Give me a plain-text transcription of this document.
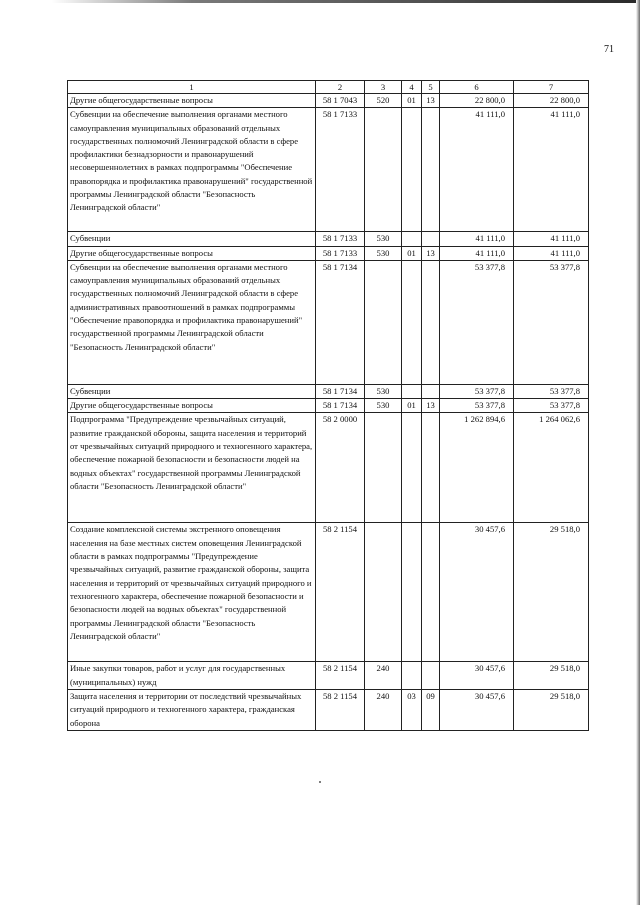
71
1	2	3	4	5	6	7
Другие общегосударственные вопросы	58 1 7043	520	01	13	22 800,0	22 800,0
Субвенции на обеспечение выполнения органами местного самоуправления муниципальных образований отдельных государственных полномочий Ленинградской области в сфере профилактики безнадзорности и правонарушений несовершеннолетних в рамках подпрограммы "Обеспечение правопорядка и профилактика правонарушений" государственной программы Ленинградской области "Безопасность Ленинградской области"	58 1 7133				41 111,0	41 111,0
Субвенции	58 1 7133	530			41 111,0	41 111,0
Другие общегосударственные вопросы	58 1 7133	530	01	13	41 111,0	41 111,0
Субвенции на обеспечение выполнения органами местного самоуправления муниципальных образований отдельных государственных полномочий Ленинградской области в сфере административных правоотношений в рамках подпрограммы "Обеспечение правопорядка и профилактика правонарушений" государственной программы Ленинградской области "Безопасность Ленинградской области"	58 1 7134				53 377,8	53 377,8
Субвенции	58 1 7134	530			53 377,8	53 377,8
Другие общегосударственные вопросы	58 1 7134	530	01	13	53 377,8	53 377,8
Подпрограмма "Предупреждение чрезвычайных ситуаций, развитие гражданской обороны, защита населения и территорий от чрезвычайных ситуаций природного и техногенного характера, обеспечение пожарной безопасности и безопасности людей на водных объектах" государственной программы Ленинградской области "Безопасность Ленинградской области"	58 2 0000				1 262 894,6	1 264 062,6
Создание комплексной системы экстренного оповещения населения на базе местных систем оповещения Ленинградской области в рамках подпрограммы "Предупреждение чрезвычайных ситуаций, развитие гражданской обороны, защита населения и территорий от чрезвычайных ситуаций природного и техногенного характера, обеспечение пожарной безопасности и безопасности людей на водных объектах" государственной программы Ленинградской области "Безопасность Ленинградской области"	58 2 1154				30 457,6	29 518,0
Иные закупки товаров, работ и услуг для государственных (муниципальных) нужд	58 2 1154	240			30 457,6	29 518,0
Защита населения и территории от последствий чрезвычайных ситуаций природного и техногенного характера, гражданская оборона	58 2 1154	240	03	09	30 457,6	29 518,0
